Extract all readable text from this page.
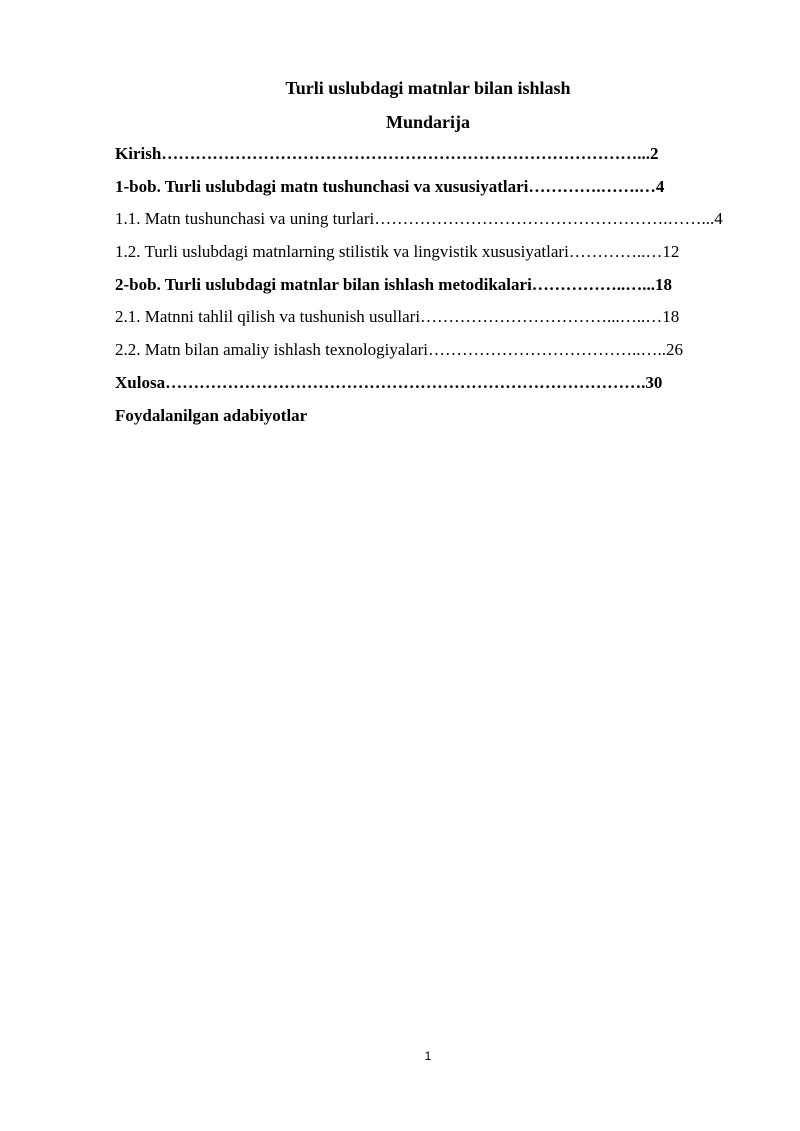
Turli uslubdagi matnlar bilan ishlash
Mundarija
Kirish…………………………………………………………………………...2
1-bob. Turli uslubdagi matn tushunchasi va xususiyatlari………….…….…4
1.1. Matn tushunchasi va uning turlari…………………………………………….……...4
1.2. Turli uslubdagi matnlarning stilistik va lingvistik xususiyatlari…………..…12
2-bob. Turli uslubdagi matnlar bilan ishlash metodikalari……………..…...18
2.1. Matnni tahlil qilish va tushunish usullari……………………………...…..…18
2.2. Matn bilan amaliy ishlash texnologiyalari………………………………..…..26
Xulosa………………………………………………………………………….30
Foydalanilgan adabiyotlar
1
